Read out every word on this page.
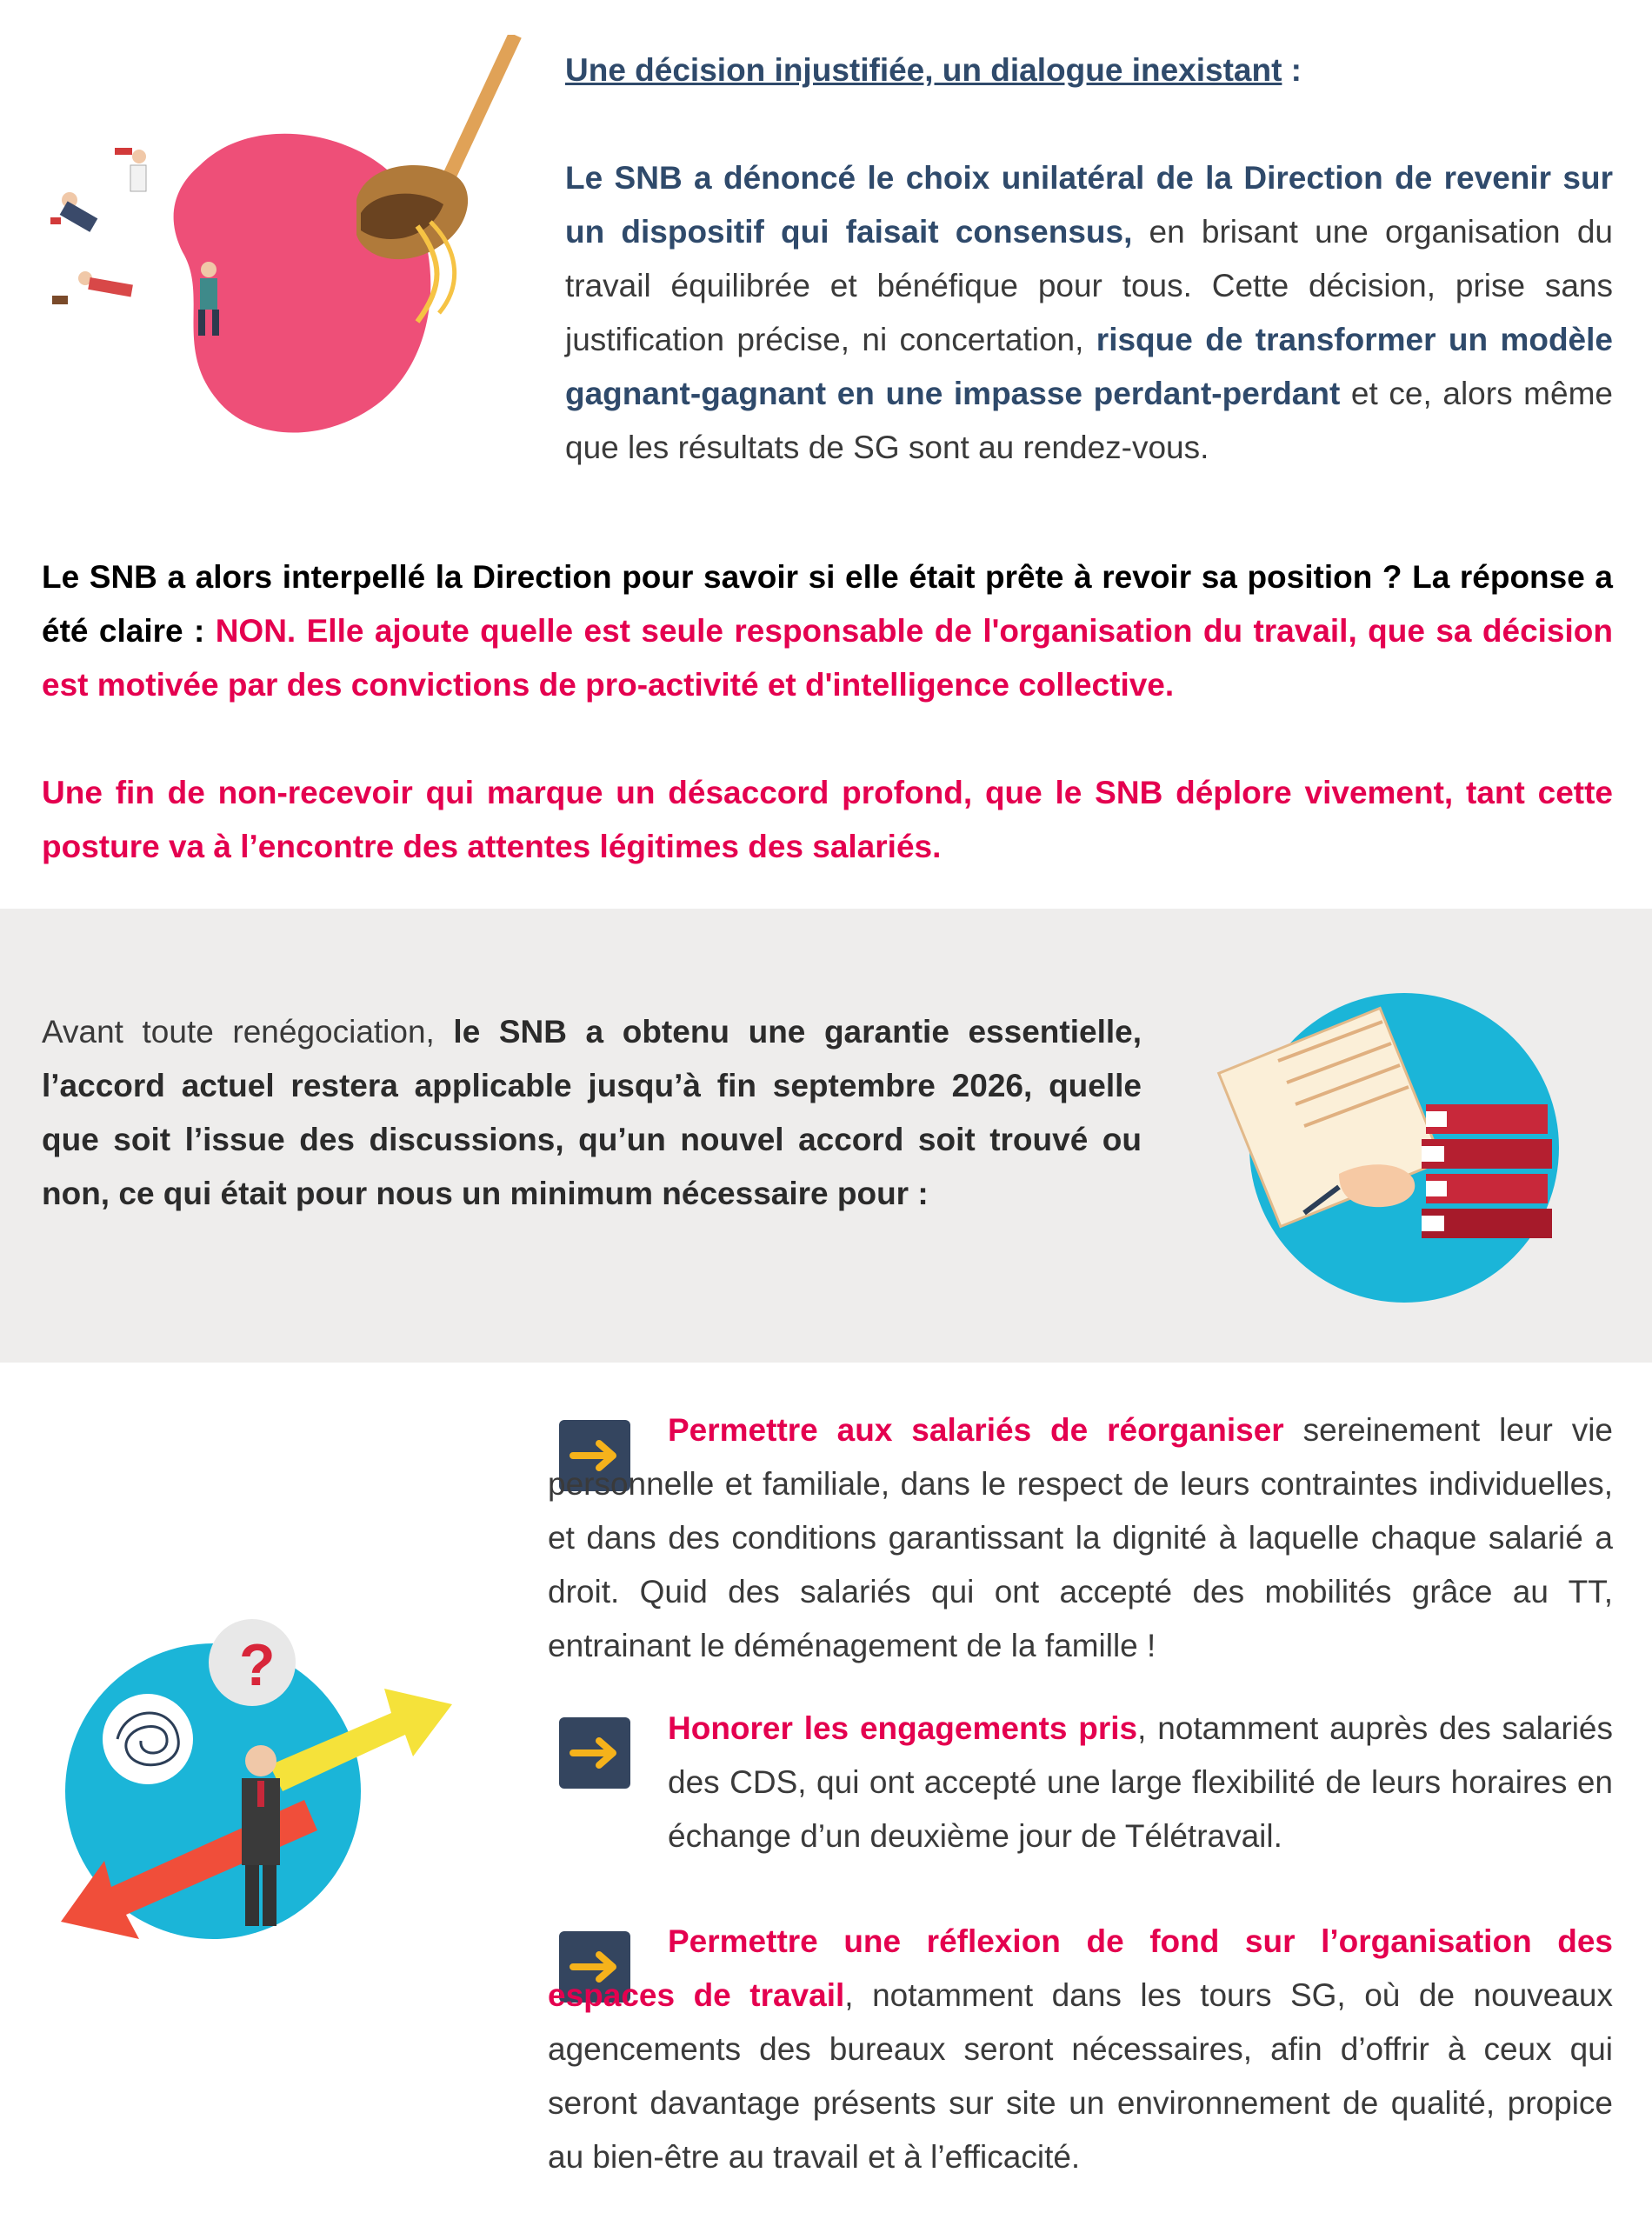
Une décision injustifiée, un dialogue inexistant :
Le SNB a dénoncé le choix unilatéral de la Direction de revenir sur un dispositif qui faisait consensus, en brisant une organisation du travail équilibrée et bénéfique pour tous. Cette décision, prise sans justification précise, ni concertation, risque de transformer un modèle gagnant-gagnant en une impasse perdant-perdant et ce, alors même que les résultats de SG sont au rendez-vous.
Le SNB a alors interpellé la Direction pour savoir si elle était prête à revoir sa position ? La réponse a été claire : NON. Elle ajoute quelle est seule responsable de l'organisation du travail, que sa décision est motivée par des convictions de pro-activité et d'intelligence collective.
Une fin de non-recevoir qui marque un désaccord profond, que le SNB déplore vivement, tant cette posture va à l’encontre des attentes légitimes des salariés.
Avant toute renégociation, le SNB a obtenu une garantie essentielle, l’accord actuel restera applicable jusqu’à fin septembre 2026, quelle que soit l’issue des discussions, qu’un nouvel accord soit trouvé ou non, ce qui était pour nous un minimum nécessaire pour :
?
Permettre aux salariés de réorganiser sereinement leur vie personnelle et familiale, dans le respect de leurs contraintes individuelles, et dans des conditions garantissant la dignité à laquelle chaque salarié a droit. Quid des salariés qui ont accepté des mobilités grâce au TT, entrainant le déménagement de la famille !
Honorer les engagements pris, notamment auprès des salariés des CDS, qui ont accepté une large flexibilité de leurs horaires en échange d’un deuxième jour de Télétravail.
Permettre une réflexion de fond sur l’organisation des espaces de travail, notamment dans les tours SG, où de nouveaux agencements des bureaux seront nécessaires, afin d’offrir à ceux qui seront davantage présents sur site un environnement de qualité, propice au bien-être au travail et à l’efficacité.
